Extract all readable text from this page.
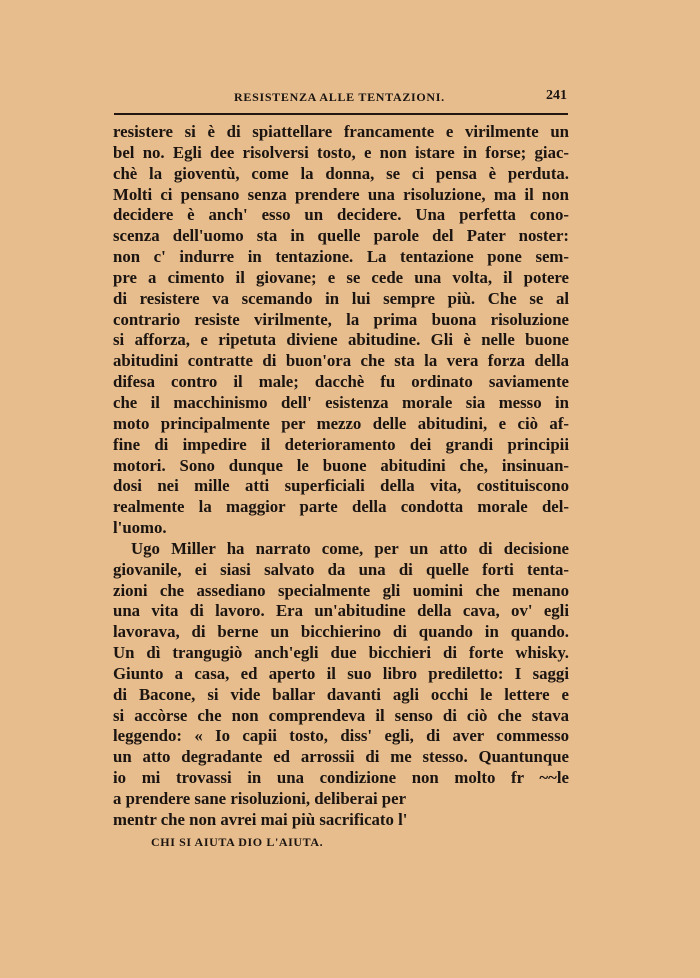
RESISTENZA ALLE TENTAZIONI.	241
resistere si è di spiattellare francamente e virilmente un
bel no. Egli dee risolversi tosto, e non istare in forse; giac-
chè la gioventù, come la donna, se ci pensa è perduta.
Molti ci pensano senza prendere una risoluzione, ma il non
decidere è anch' esso un decidere. Una perfetta cono-
scenza dell'uomo sta in quelle parole del Pater noster:
non c' indurre in tentazione. La tentazione pone sem-
pre a cimento il giovane; e se cede una volta, il potere
di resistere va scemando in lui sempre più. Che se al
contrario resiste virilmente, la prima buona risoluzione
si afforza, e ripetuta diviene abitudine. Gli è nelle buone
abitudini contratte di buon'ora che sta la vera forza della
difesa contro il male; dacchè fu ordinato saviamente
che il macchinismo dell' esistenza morale sia messo in
moto principalmente per mezzo delle abitudini, e ciò af-
fine di impedire il deterioramento dei grandi principii
motori. Sono dunque le buone abitudini che, insinuan-
dosi nei mille atti superficiali della vita, costituiscono
realmente la maggior parte della condotta morale del-
l'uomo.
Ugo Miller ha narrato come, per un atto di decisione
giovanile, ei siasi salvato da una di quelle forti tenta-
zioni che assediano specialmente gli uomini che menano
una vita di lavoro. Era un'abitudine della cava, ov' egli
lavorava, di berne un bicchierino di quando in quando.
Un dì trangugiò anch'egli due bicchieri di forte whisky.
Giunto a casa, ed aperto il suo libro prediletto: I saggi
di Bacone, si vide ballar davanti agli occhi le lettere e
si accòrse che non comprendeva il senso di ciò che stava
leggendo: « Io capii tosto, diss' egli, di aver commesso
un atto degradante ed arrossii di me stesso. Quantunque
io mi trovassi in una condizione non molto fr ~~le
a prendere sane risoluzioni, deliberai per
mentr che non avrei mai più sacrificato l'
CHI SI AIUTA DIO L'AIUTA.
